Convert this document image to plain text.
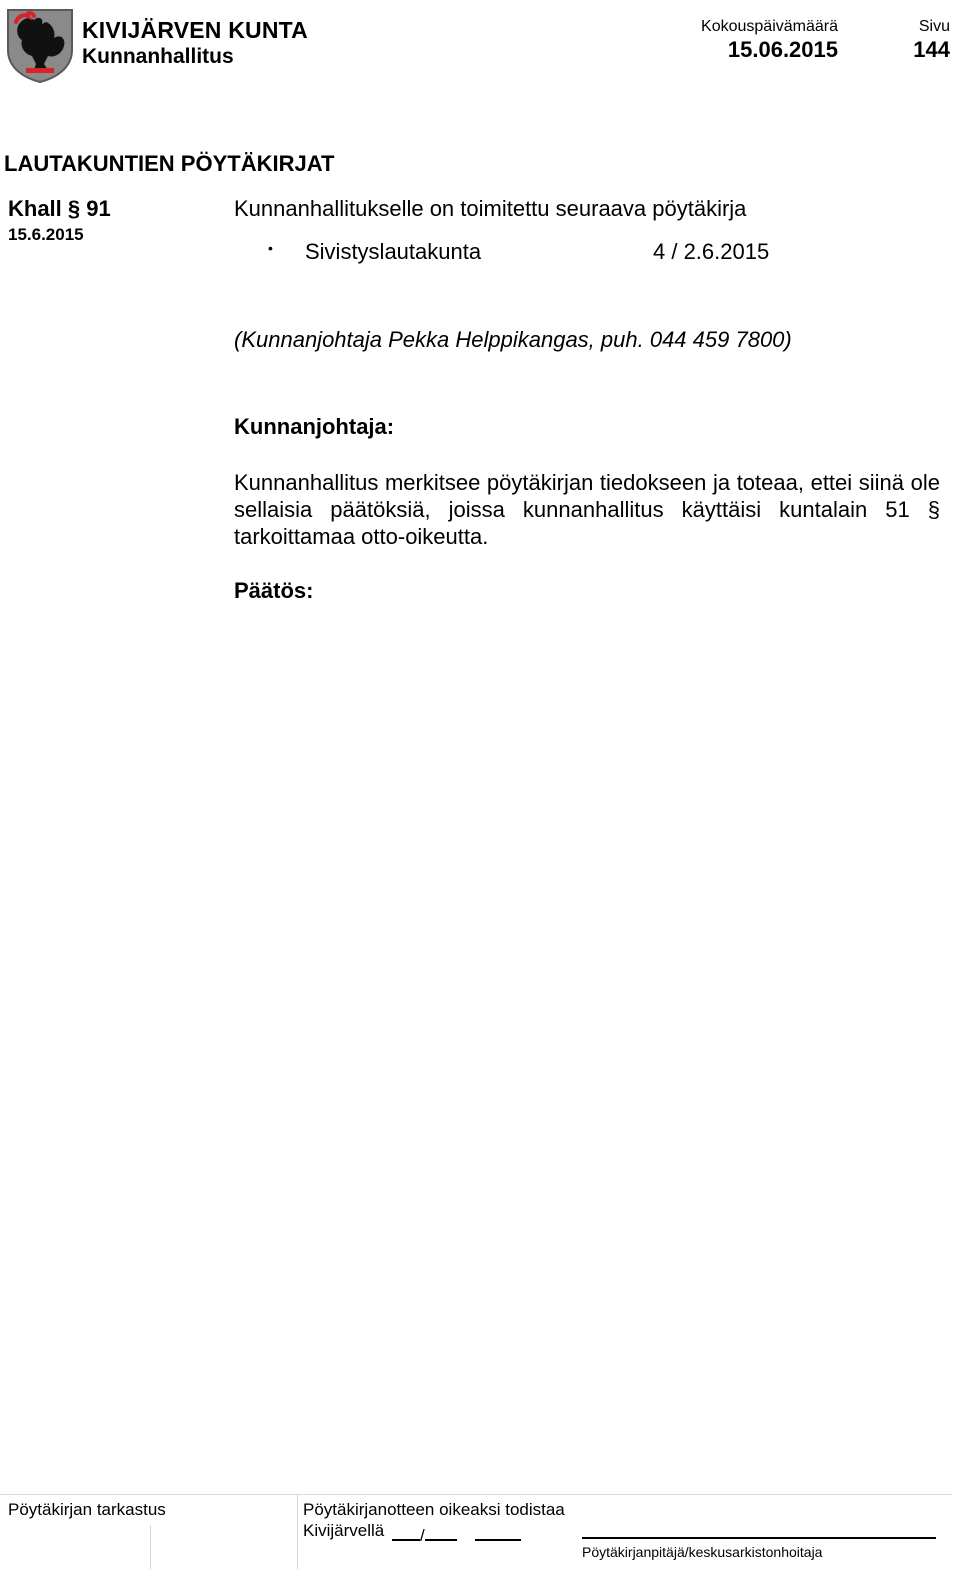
KIVIJÄRVEN KUNTA
Kunnanhallitus
Kokouspäivämäärä
15.06.2015
Sivu
144
LAUTAKUNTIEN PÖYTÄKIRJAT
Khall § 91
15.6.2015
Kunnanhallitukselle on toimitettu seuraava pöytäkirja
• Sivistyslautakunta	4 / 2.6.2015
(Kunnanjohtaja Pekka Helppikangas, puh. 044 459 7800)
Kunnanjohtaja:
Kunnanhallitus merkitsee pöytäkirjan tiedokseen ja toteaa, ettei siinä ole sellaisia päätöksiä, joissa kunnanhallitus käyttäisi kuntalain 51 § tarkoittamaa otto-oikeutta.
Päätös:
Pöytäkirjan tarkastus	Pöytäkirjanotteen oikeaksi todistaa
Kivijärvellä	/
Pöytäkirjanpitäjä/keskusarkistonhoitaja
